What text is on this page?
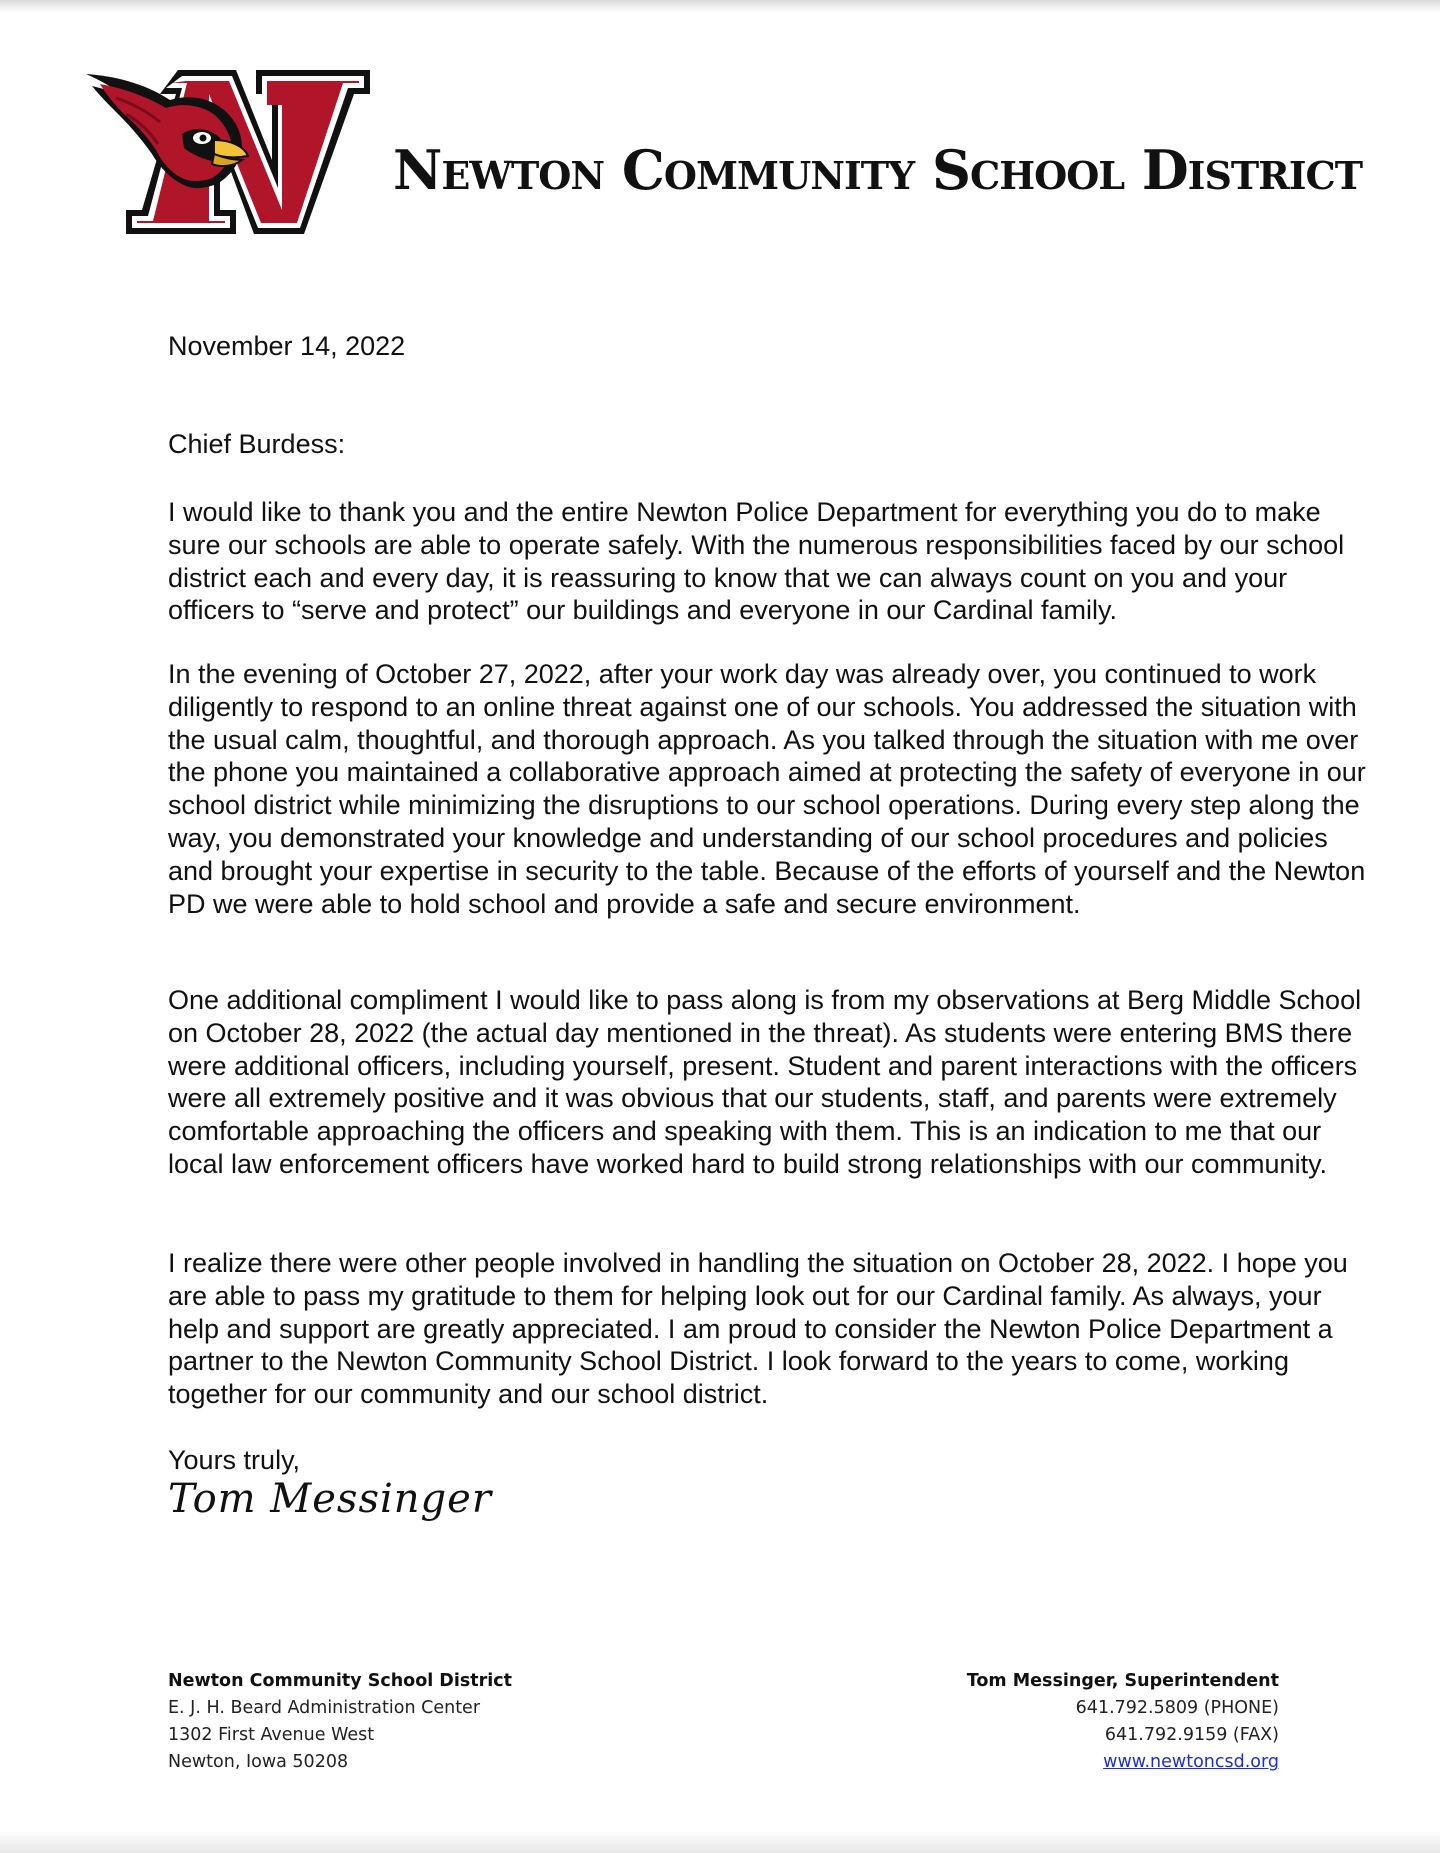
Newton Community School District
November 14, 2022
Chief Burdess:

I would like to thank you and the entire Newton Police Department for everything you do to make sure our schools are able to operate safely. With the numerous responsibilities faced by our school district each and every day, it is reassuring to know that we can always count on you and your officers to “serve and protect” our buildings and everyone in our Cardinal family.

In the evening of October 27, 2022, after your work day was already over, you continued to work diligently to respond to an online threat against one of our schools. You addressed the situation with the usual calm, thoughtful, and thorough approach. As you talked through the situation with me over the phone you maintained a collaborative approach aimed at protecting the safety of everyone in our school district while minimizing the disruptions to our school operations. During every step along the way, you demonstrated your knowledge and understanding of our school procedures and policies and brought your expertise in security to the table. Because of the efforts of yourself and the Newton PD we were able to hold school and provide a safe and secure environment.

One additional compliment I would like to pass along is from my observations at Berg Middle School on October 28, 2022 (the actual day mentioned in the threat). As students were entering BMS there were additional officers, including yourself, present. Student and parent interactions with the officers were all extremely positive and it was obvious that our students, staff, and parents were extremely comfortable approaching the officers and speaking with them. This is an indication to me that our local law enforcement officers have worked hard to build strong relationships with our community.

I realize there were other people involved in handling the situation on October 28, 2022. I hope you are able to pass my gratitude to them for helping look out for our Cardinal family. As always, your help and support are greatly appreciated. I am proud to consider the Newton Police Department a partner to the Newton Community School District. I look forward to the years to come, working together for our community and our school district.

Yours truly,
Tom Messinger
Newton Community School District
E. J. H. Beard Administration Center
1302 First Avenue West
Newton, Iowa 50208
Tom Messinger, Superintendent
641.792.5809 (PHONE)
641.792.9159 (FAX)
www.newtoncsd.org
